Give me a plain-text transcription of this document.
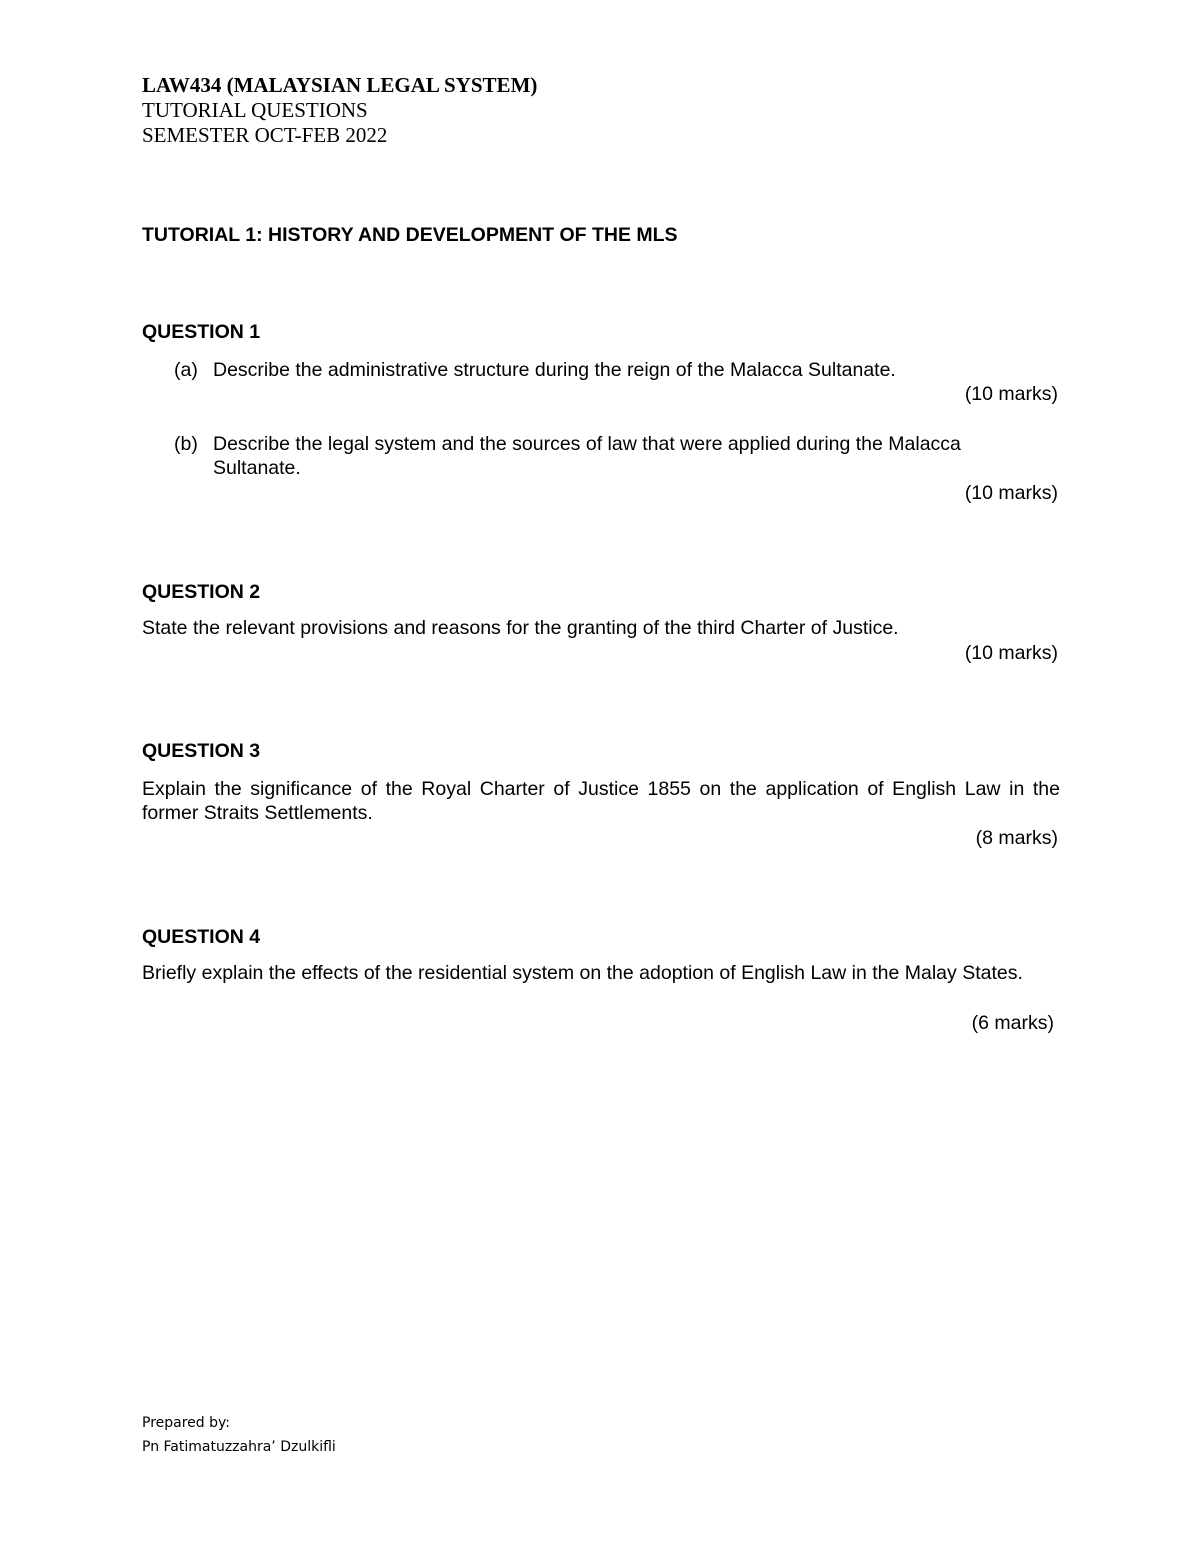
LAW434 (MALAYSIAN LEGAL SYSTEM)
TUTORIAL QUESTIONS
SEMESTER OCT-FEB 2022
TUTORIAL 1: HISTORY AND DEVELOPMENT OF THE MLS
QUESTION 1
(a) Describe the administrative structure during the reign of the Malacca Sultanate.
(10 marks)
(b) Describe the legal system and the sources of law that were applied during the Malacca Sultanate.
(10 marks)
QUESTION 2
State the relevant provisions and reasons for the granting of the third Charter of Justice.
(10 marks)
QUESTION 3
Explain the significance of the Royal Charter of Justice 1855 on the application of English Law in the former Straits Settlements.
(8 marks)
QUESTION 4
Briefly explain the effects of the residential system on the adoption of English Law in the Malay States.
(6 marks)
Prepared by:
Pn Fatimatuzzahra’ Dzulkifli
